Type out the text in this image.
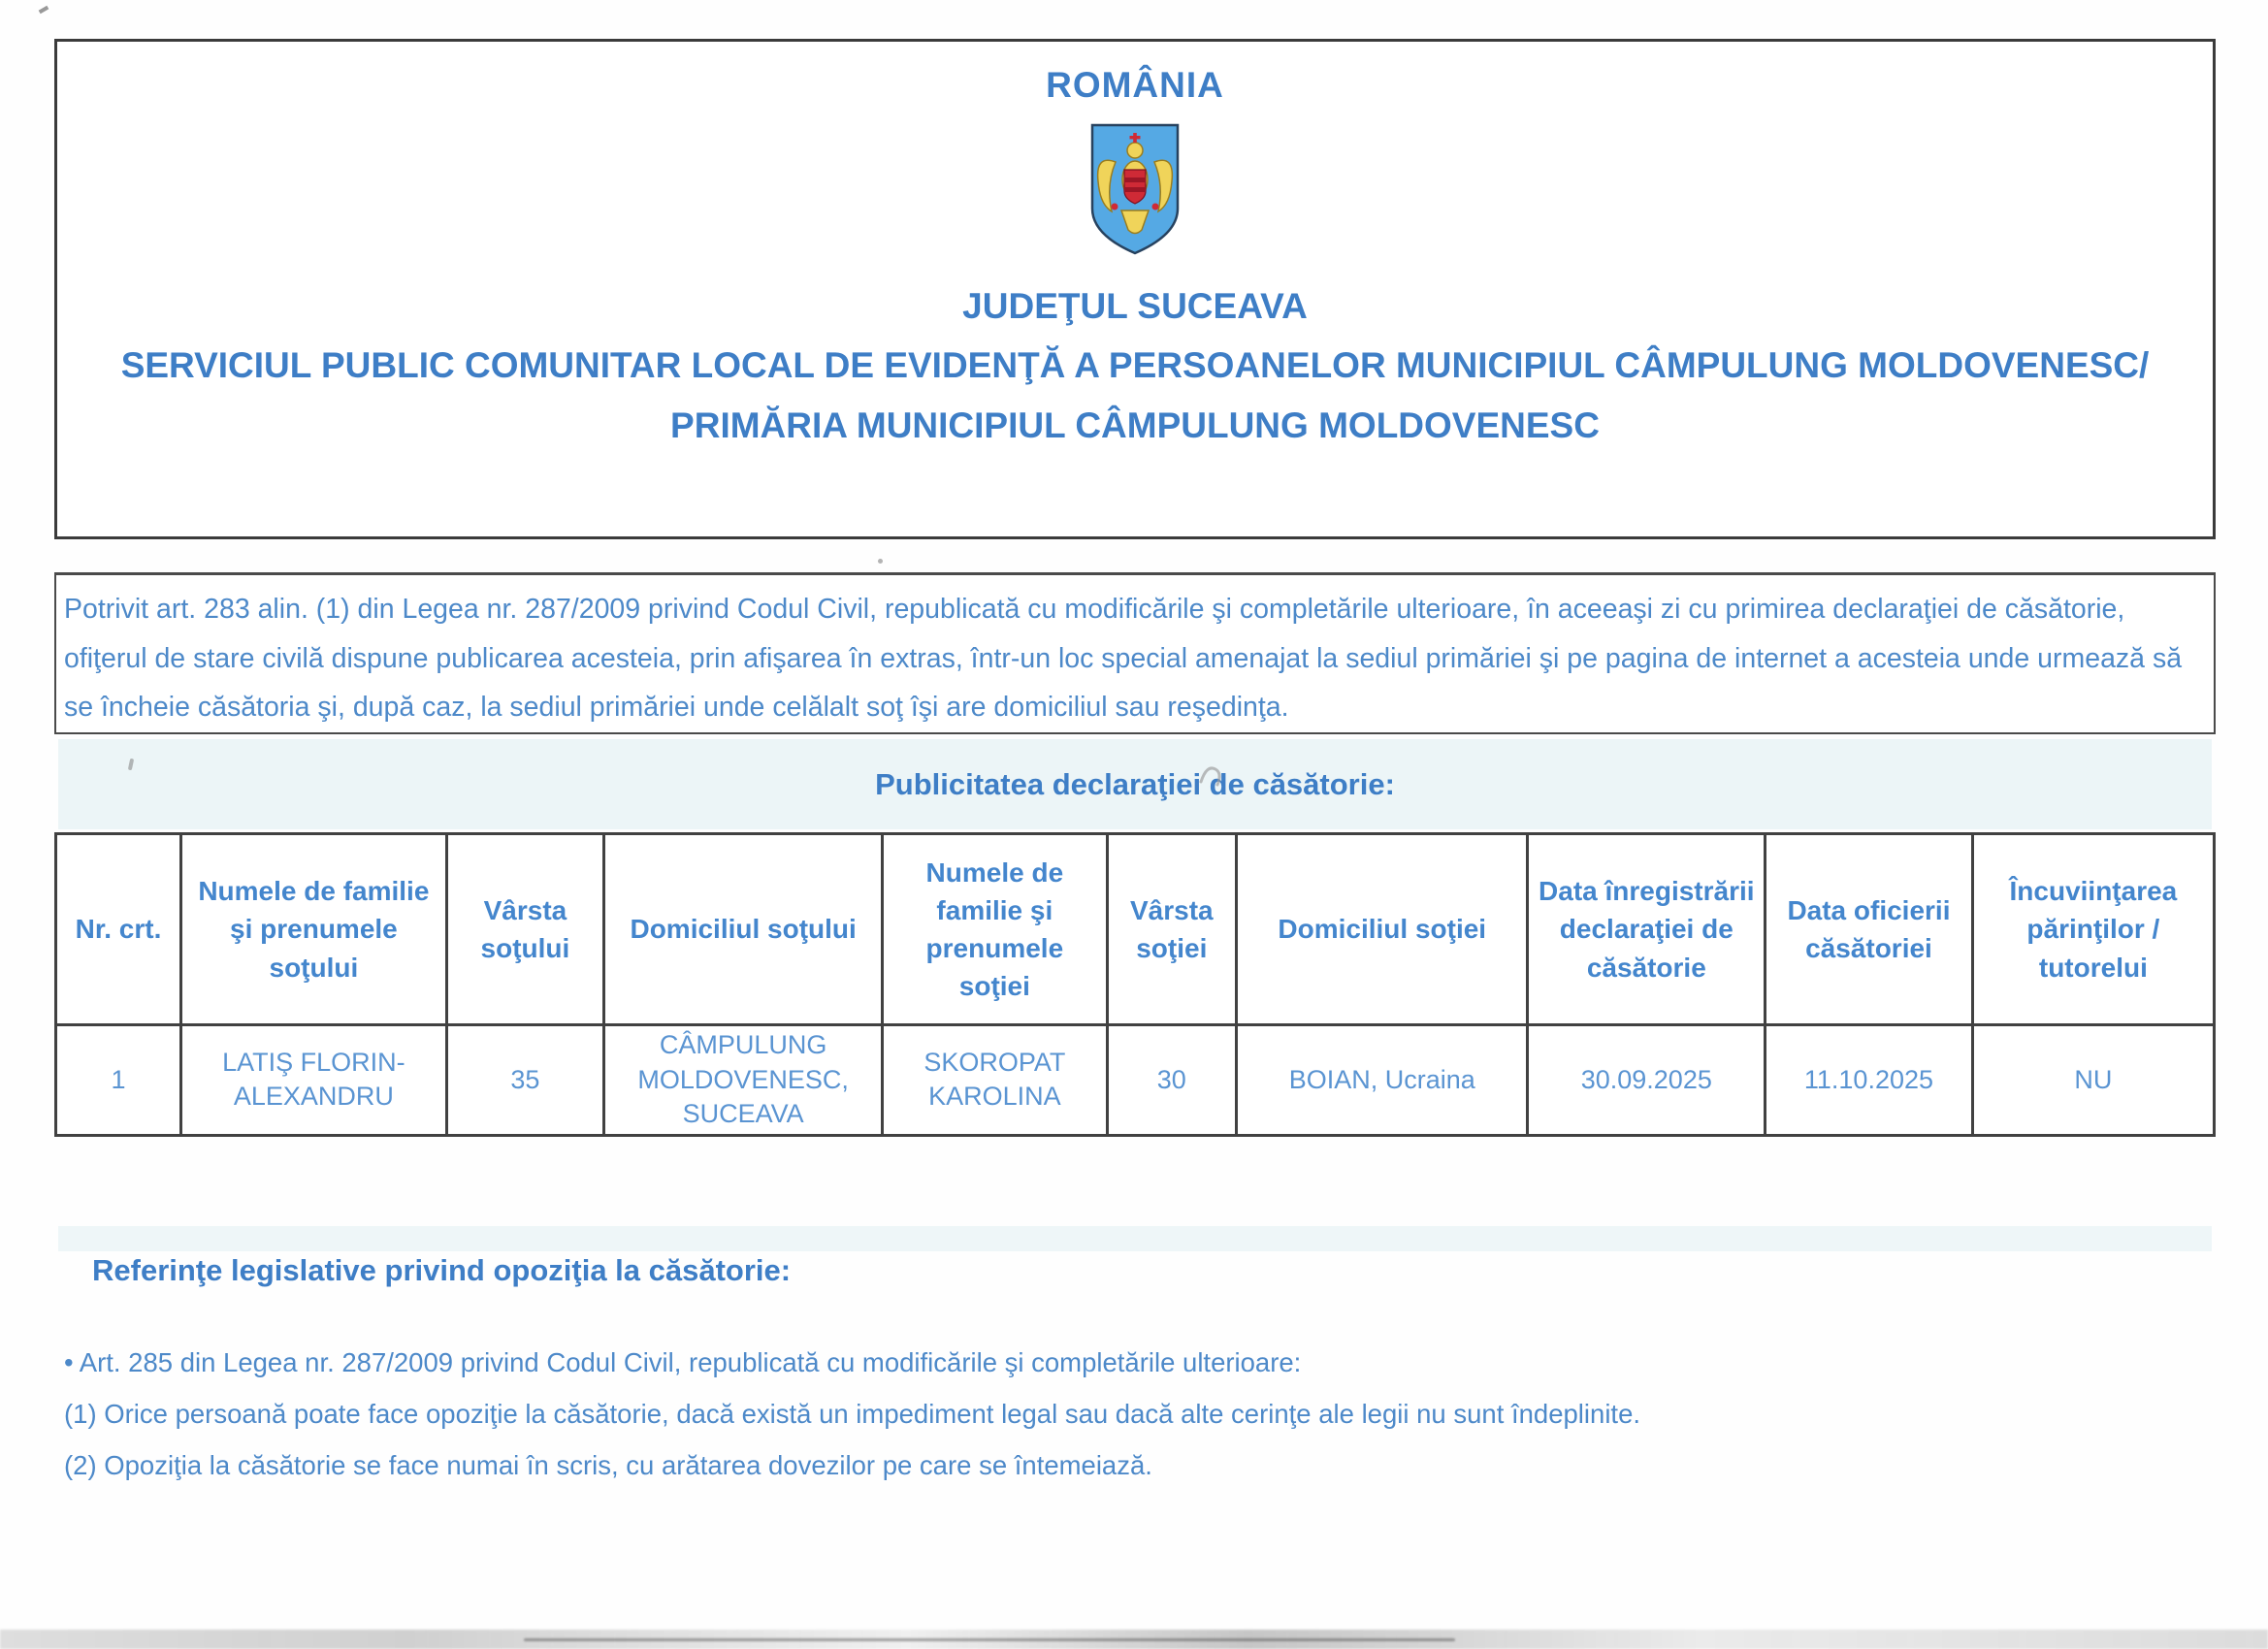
ROMÂNIA
JUDEŢUL SUCEAVA
SERVICIUL PUBLIC COMUNITAR LOCAL DE EVIDENŢĂ A PERSOANELOR MUNICIPIUL CÂMPULUNG MOLDOVENESC/
PRIMĂRIA MUNICIPIUL CÂMPULUNG MOLDOVENESC
Potrivit art. 283 alin. (1) din Legea nr. 287/2009 privind Codul Civil, republicată cu modificările şi completările ulterioare, în aceeaşi zi cu primirea declaraţiei de căsătorie, ofiţerul de stare civilă dispune publicarea acesteia, prin afişarea în extras, într-un loc special amenajat la sediul primăriei şi pe pagina de internet a acesteia unde urmează să se încheie căsătoria şi, după caz, la sediul primăriei unde celălalt soţ îşi are domiciliul sau reşedinţa.
Publicitatea declaraţiei de căsătorie:
Nr. crt.	Numele de familie şi prenumele soţului	Vârsta soţului	Domiciliul soţului	Numele de familie şi prenumele soţiei	Vârsta soţiei	Domiciliul soţiei	Data înregistrării declaraţiei de căsătorie	Data oficierii căsătoriei	Încuviinţarea părinţilor / tutorelui
1	LATIŞ FLORIN-ALEXANDRU	35	CÂMPULUNG MOLDOVENESC, SUCEAVA	SKOROPAT KAROLINA	30	BOIAN, Ucraina	30.09.2025	11.10.2025	NU
Referinţe legislative privind opoziţia la căsătorie:
• Art. 285 din Legea nr. 287/2009 privind Codul Civil, republicată cu modificările şi completările ulterioare:
(1) Orice persoană poate face opoziţie la căsătorie, dacă există un impediment legal sau dacă alte cerinţe ale legii nu sunt îndeplinite.
(2) Opoziţia la căsătorie se face numai în scris, cu arătarea dovezilor pe care se întemeiază.
